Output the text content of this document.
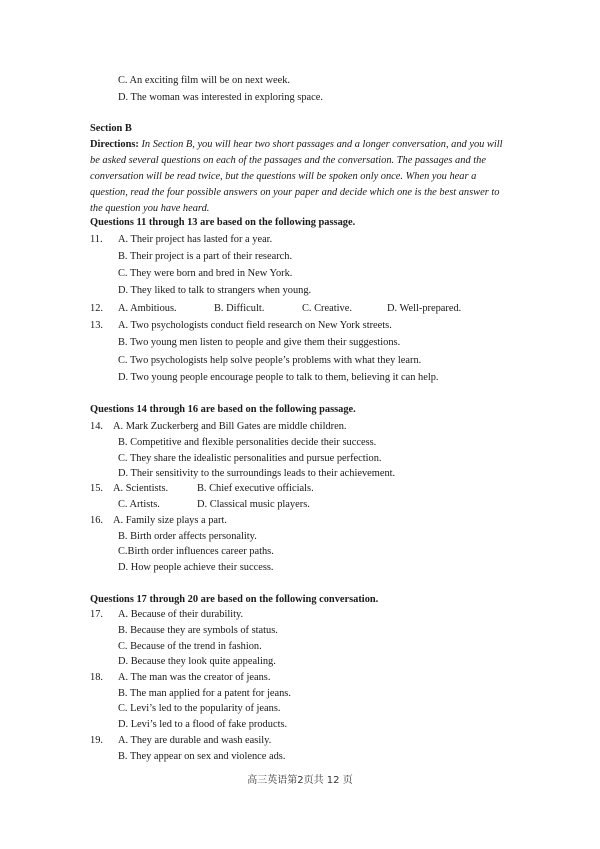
C. An exciting film will be on next week.
D. The woman was interested in exploring space.
Section B
Directions: In Section B, you will hear two short passages and a longer conversation, and you will be asked several questions on each of the passages and the conversation. The passages and the conversation will be read twice, but the questions will be spoken only once. When you hear a question, read the four possible answers on your paper and decide which one is the best answer to the question you have heard.
Questions 11 through 13 are based on the following passage.
11. A. Their project has lasted for a year.
B. Their project is a part of their research.
C. They were born and bred in New York.
D. They liked to talk to strangers when young.
12. A. Ambitious.	B. Difficult.	C. Creative.	D. Well-prepared.
13. A. Two psychologists conduct field research on New York streets.
B. Two young men listen to people and give them their suggestions.
C. Two psychologists help solve people’s problems with what they learn.
D. Two young people encourage people to talk to them, believing it can help.
Questions 14 through 16 are based on the following passage.
14. A. Mark Zuckerberg and Bill Gates are middle children.
B. Competitive and flexible personalities decide their success.
C. They share the idealistic personalities and pursue perfection.
D. Their sensitivity to the surroundings leads to their achievement.
15. A. Scientists.	B. Chief executive officials.
C. Artists.	D. Classical music players.
16. A. Family size plays a part.
B. Birth order affects personality.
C.Birth order influences career paths.
D. How people achieve their success.
Questions 17 through 20 are based on the following conversation.
17. A. Because of their durability.
B. Because they are symbols of status.
C. Because of the trend in fashion.
D. Because they look quite appealing.
18. A. The man was the creator of jeans.
B. The man applied for a patent for jeans.
C. Levi’s led to the popularity of jeans.
D. Levi’s led to a flood of fake products.
19. A. They are durable and wash easily.
B. They appear on sex and violence ads.
高三英语第2页共 12 页
